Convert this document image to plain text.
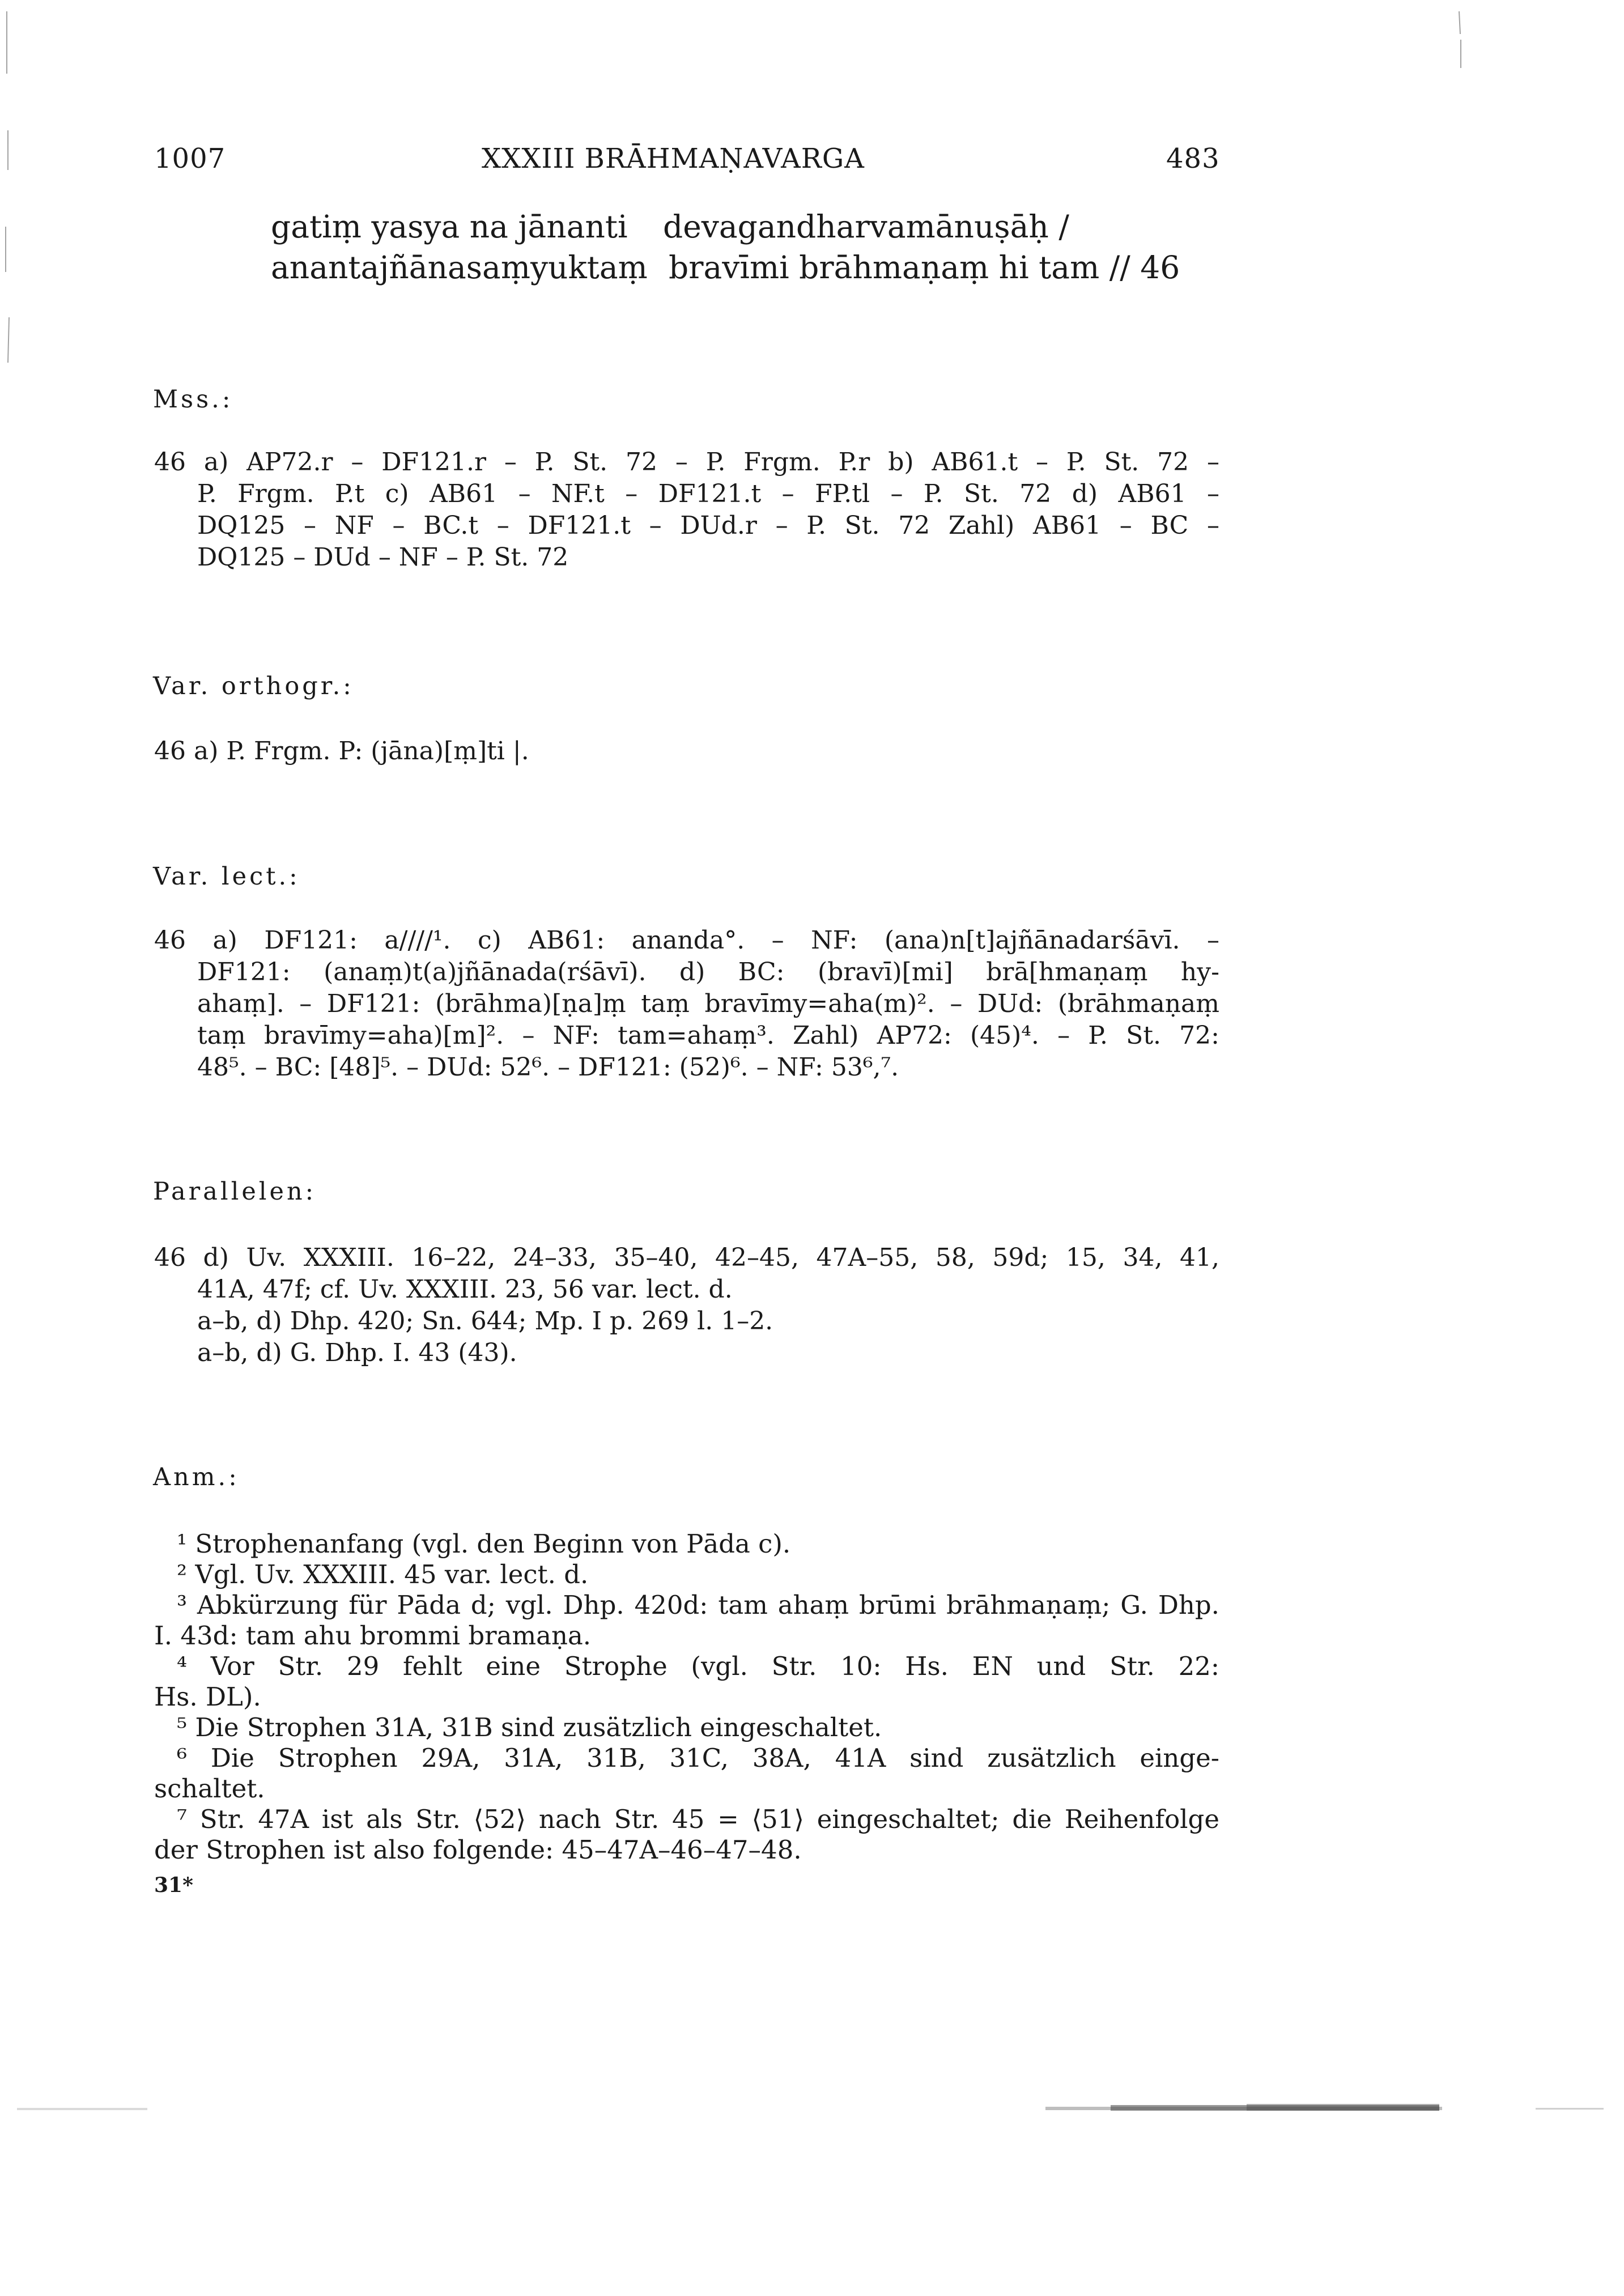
1007	XXXIII BRĀHMAṆAVARGA	483
gatiṃ yasya na jānanti devagandharvamānuṣāḥ /
anantajñānasaṃyuktaṃ bravīmi brāhmaṇaṃ hi tam // 46
Mss.:
46 a) AP72.r – DF121.r – P. St. 72 – P. Frgm. P.r b) AB61.t – P. St. 72 –
P. Frgm. P.t c) AB61 – NF.t – DF121.t – FP.tl – P. St. 72 d) AB61 –
DQ125 – NF – BC.t – DF121.t – DUd.r – P. St. 72 Zahl) AB61 – BC –
DQ125 – DUd – NF – P. St. 72
Var. orthogr.:
46 a) P. Frgm. P: (jāna)[ṃ]ti |.
Var. lect.:
46 a) DF121: a////¹. c) AB61: ananda°. – NF: (ana)n[t]ajñānadarśāvī. –
DF121: (anaṃ)t(a)jñānada(rśāvī). d) BC: (bravī)[mi] brā[hmaṇaṃ hy-
ahaṃ]. – DF121: (brāhma)[ṇa]ṃ taṃ bravīmy=aha(m)². – DUd: (brāhmaṇaṃ
taṃ bravīmy=aha)[m]². – NF: tam=ahaṃ³. Zahl) AP72: (45)⁴. – P. St. 72:
48⁵. – BC: [48]⁵. – DUd: 52⁶. – DF121: (52)⁶. – NF: 53⁶,⁷.
Parallelen:
46 d) Uv. XXXIII. 16–22, 24–33, 35–40, 42–45, 47A–55, 58, 59d; 15, 34, 41,
41A, 47f; cf. Uv. XXXIII. 23, 56 var. lect. d.
a–b, d) Dhp. 420; Sn. 644; Mp. I p. 269 l. 1–2.
a–b, d) G. Dhp. I. 43 (43).
Anm.:
¹ Strophenanfang (vgl. den Beginn von Pāda c).
² Vgl. Uv. XXXIII. 45 var. lect. d.
³ Abkürzung für Pāda d; vgl. Dhp. 420d: tam ahaṃ brūmi brāhmaṇaṃ; G. Dhp.
I. 43d: tam ahu brommi bramaṇa.
⁴ Vor Str. 29 fehlt eine Strophe (vgl. Str. 10: Hs. EN und Str. 22:
Hs. DL).
⁵ Die Strophen 31A, 31B sind zusätzlich eingeschaltet.
⁶ Die Strophen 29A, 31A, 31B, 31C, 38A, 41A sind zusätzlich einge-
schaltet.
⁷ Str. 47A ist als Str. ⟨52⟩ nach Str. 45 = ⟨51⟩ eingeschaltet; die Reihenfolge
der Strophen ist also folgende: 45–47A–46–47–48.
31*
